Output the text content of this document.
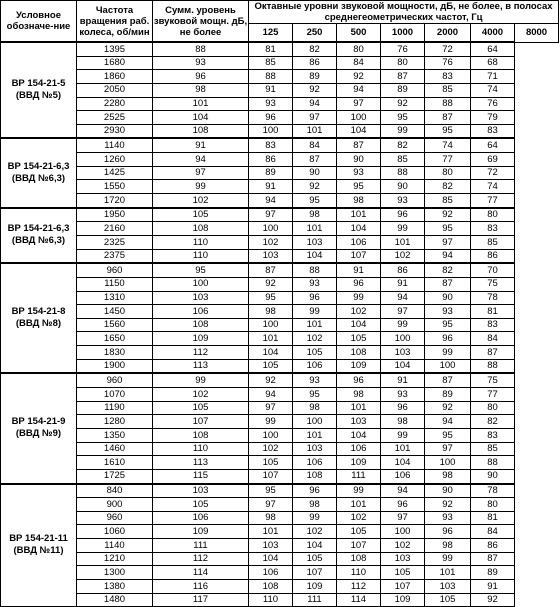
Условное обозначе-ние	Частота вращения раб. колеса, об/мин	Сумм. уровень звуковой мощн. дБ, не более	Октавные уровни звуковой мощности, дБ, не более, в полосах среднегеометрических частот, Гц						
			125	250	500	1000	2000	4000	8000
ВР 154-21-5 (ВВД №5)	1395	88	81	82	80	76	72	64	
	1680	93	85	86	84	80	76	68	
	1860	96	88	89	92	87	83	71	
	2050	98	91	92	94	89	85	74	
	2280	101	93	94	97	92	88	76	
	2525	104	96	97	100	95	87	79	
	2930	108	100	101	104	99	95	83	
ВР 154-21-6,3 (ВВД №6,3)	1140	91	83	84	87	82	74	64	
	1260	94	86	87	90	85	77	69	
	1425	97	89	90	93	88	80	72	
	1550	99	91	92	95	90	82	74	
	1720	102	94	95	98	93	85	77	
ВР 154-21-6,3 (ВВД №6,3)	1950	105	97	98	101	96	92	80	
	2160	108	100	101	104	99	95	83	
	2325	110	102	103	106	101	97	85	
	2375	110	103	104	107	102	94	86	
ВР 154-21-8 (ВВД №8)	960	95	87	88	91	86	82	70	
	1150	100	92	93	96	91	87	75	
	1310	103	95	96	99	94	90	78	
	1450	106	98	99	102	97	93	81	
	1560	108	100	101	104	99	95	83	
	1650	109	101	102	105	100	96	84	
	1830	112	104	105	108	103	99	87	
	1900	113	105	106	109	104	100	88	
ВР 154-21-9 (ВВД №9)	960	99	92	93	96	91	87	75	
	1070	102	94	95	98	93	89	77	
	1190	105	97	98	101	96	92	80	
	1280	107	99	100	103	98	94	82	
	1350	108	100	101	104	99	95	83	
	1460	110	102	103	106	101	97	85	
	1610	113	105	106	109	104	100	88	
	1725	115	107	108	111	106	98	90	
ВР 154-21-11 (ВВД №11)	840	103	95	96	99	94	90	78	
	900	105	97	98	101	96	92	80	
	960	106	98	99	102	97	93	81	
	1060	109	101	102	105	100	96	84	
	1140	111	103	104	107	102	98	86	
	1210	112	104	105	108	103	99	87	
	1300	114	106	107	110	105	101	89	
	1380	116	108	109	112	107	103	91	
	1480	117	110	111	114	109	105	92	
